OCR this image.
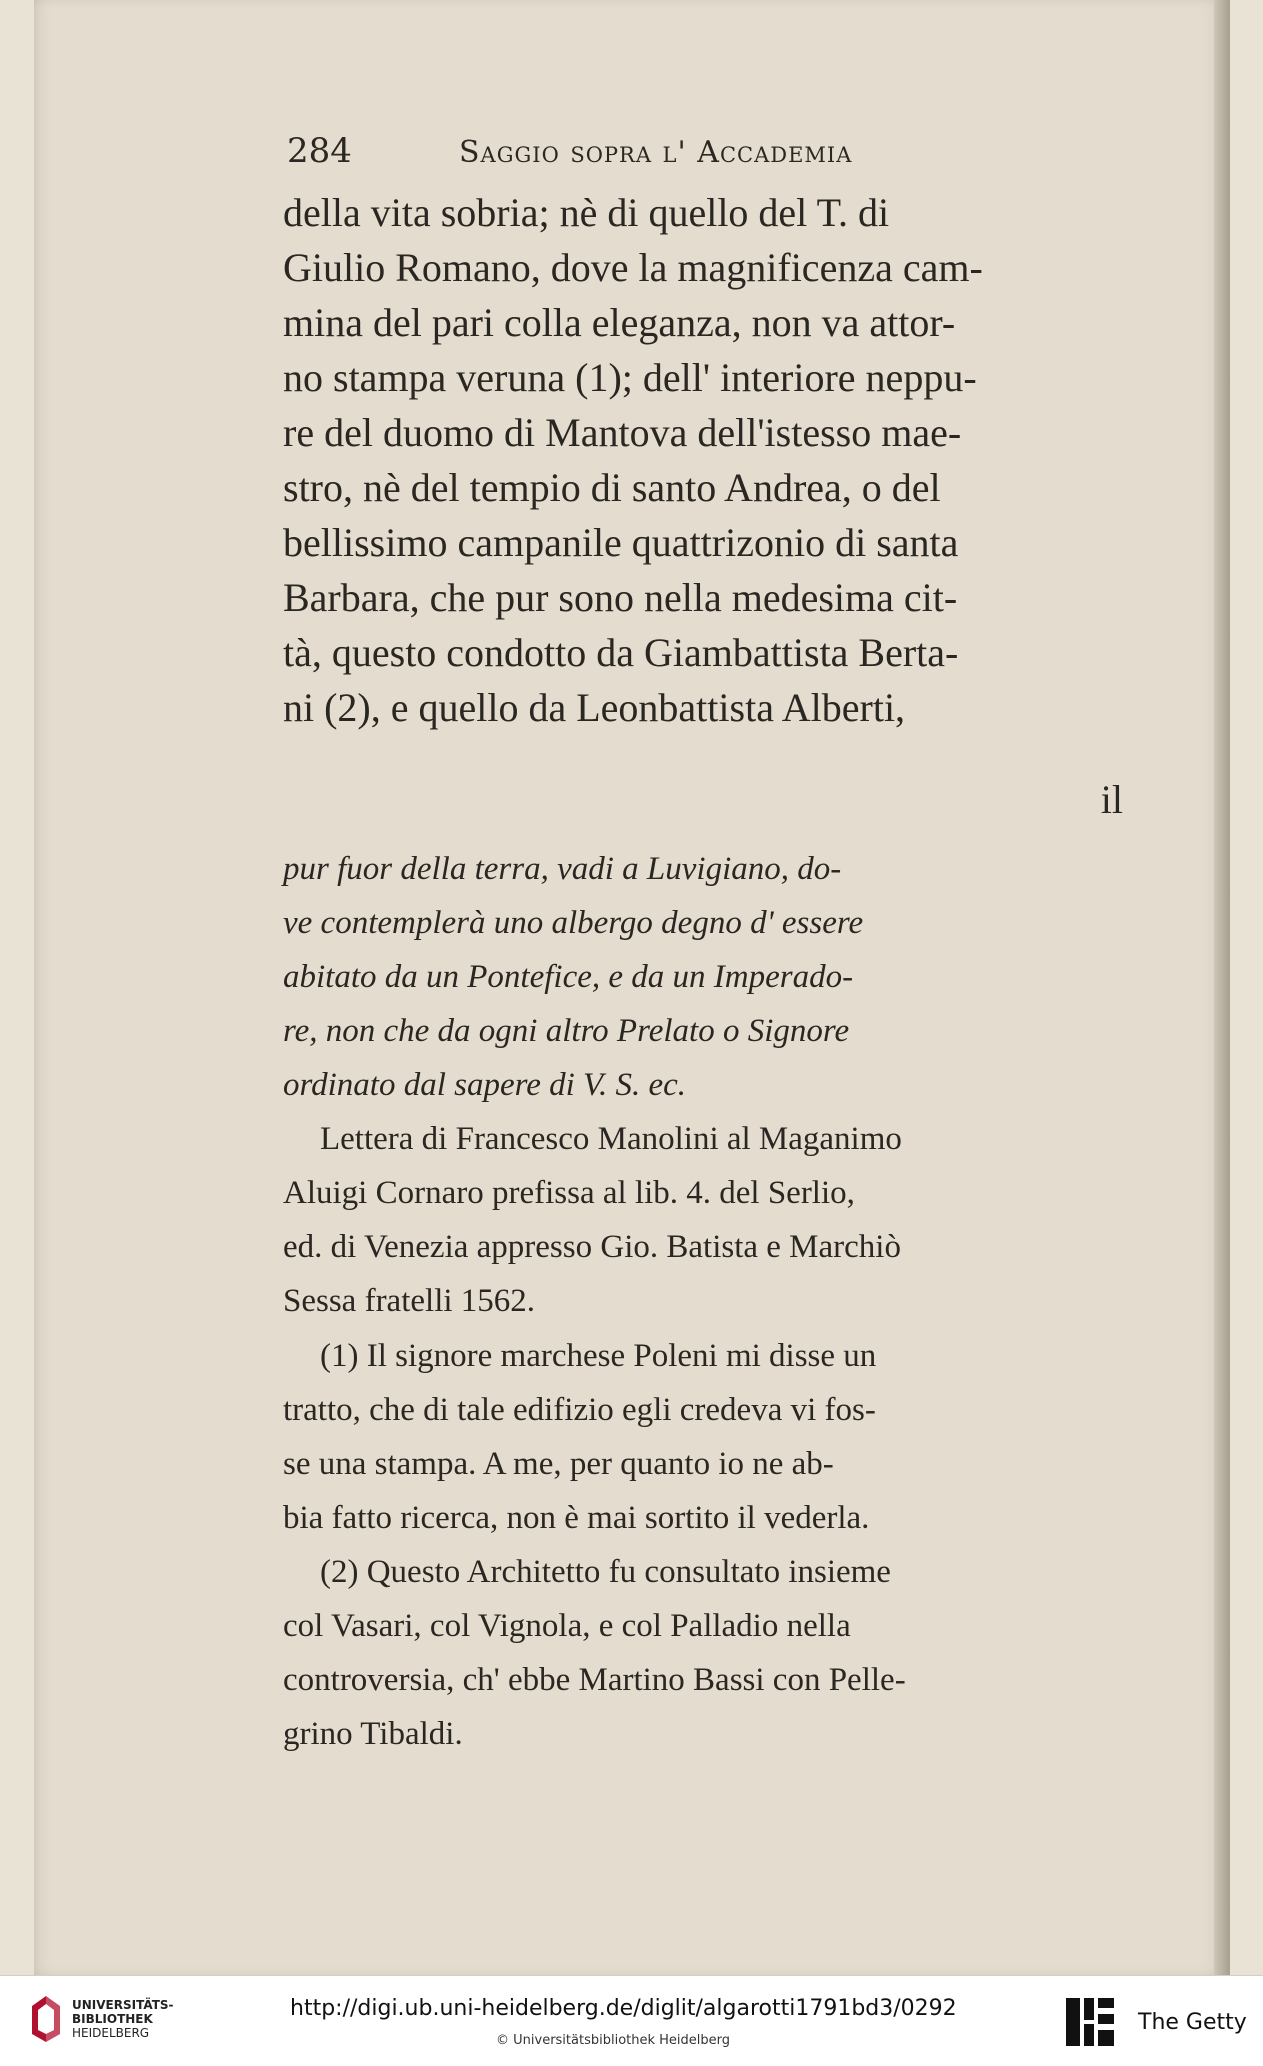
284	Saggio sopra l' Accademia
della vita sobria; nè di quello del T. di
Giulio Romano, dove la magnificenza cam-
mina del pari colla eleganza, non va attor-
no stampa veruna (1); dell' interiore neppu-
re del duomo di Mantova dell'istesso mae-
stro, nè del tempio di santo Andrea, o del
bellissimo campanile quattrizonio di santa
Barbara, che pur sono nella medesima cit-
tà, questo condotto da Giambattista Berta-
ni (2), e quello da Leonbattista Alberti,
il
pur fuor della terra, vadi a Luvigiano, do-
ve contemplerà uno albergo degno d' essere
abitato da un Pontefice, e da un Imperado-
re, non che da ogni altro Prelato o Signore
ordinato dal sapere di V. S. ec.
Lettera di Francesco Manolini al Maganimo
Aluigi Cornaro prefissa al lib. 4. del Serlio,
ed. di Venezia appresso Gio. Batista e Marchiò
Sessa fratelli 1562.
(1) Il signore marchese Poleni mi disse un
tratto, che di tale edifizio egli credeva vi fos-
se una stampa. A me, per quanto io ne ab-
bia fatto ricerca, non è mai sortito il vederla.
(2) Questo Architetto fu consultato insieme
col Vasari, col Vignola, e col Palladio nella
controversia, ch' ebbe Martino Bassi con Pelle-
grino Tibaldi.
UNIVERSITÄTS-
BIBLIOTHEK
HEIDELBERG
http://digi.ub.uni-heidelberg.de/diglit/algarotti1791bd3/0292
© Universitätsbibliothek Heidelberg
The Getty
